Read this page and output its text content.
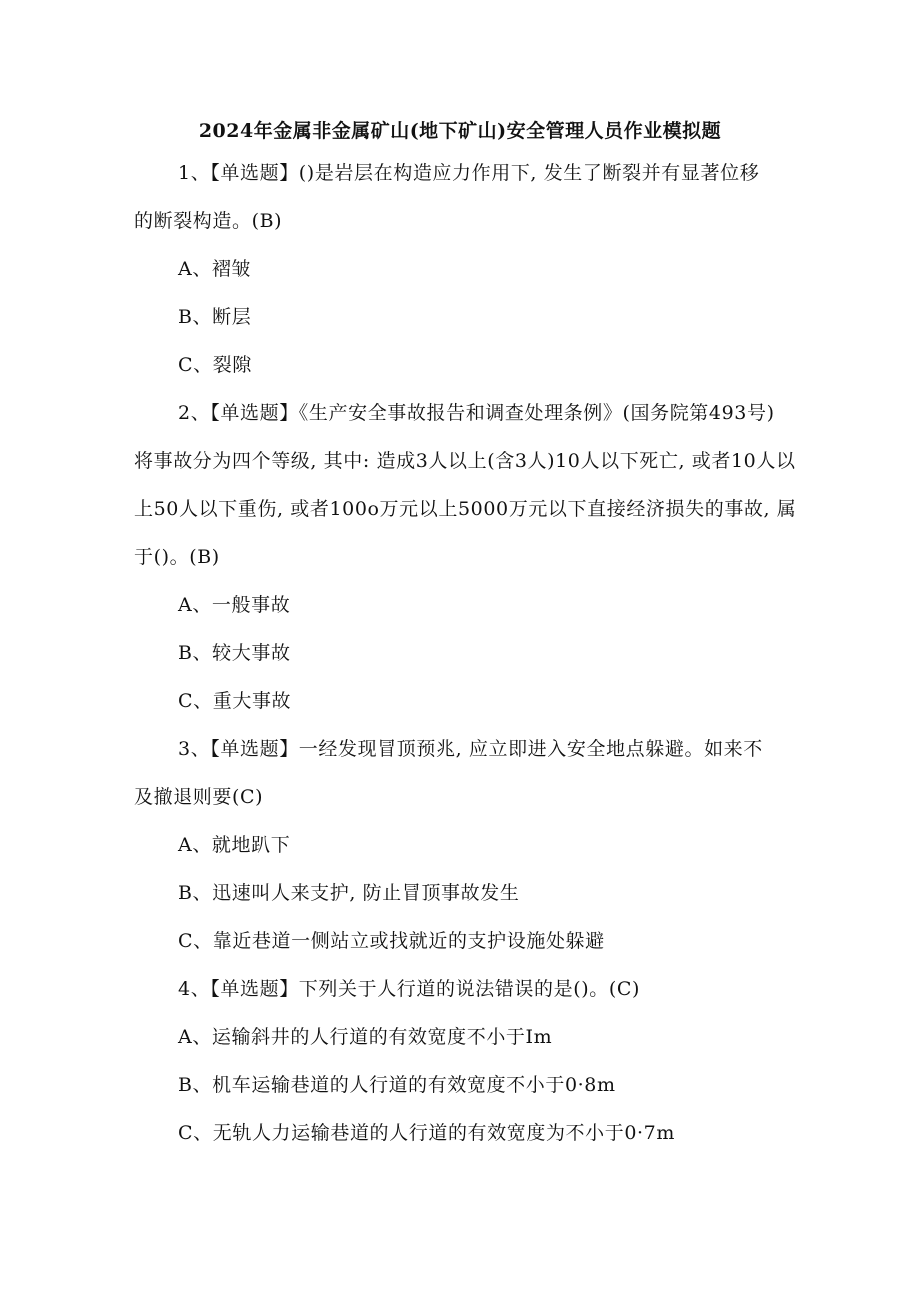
2024年金属非金属矿山(地下矿山)安全管理人员作业模拟题
1、【单选题】()是岩层在构造应力作用下, 发生了断裂并有显著位移
的断裂构造。(B)
A、褶皱
B、断层
C、裂隙
2、【单选题】《生产安全事故报告和调查处理条例》(国务院第493号)
将事故分为四个等级, 其中: 造成3人以上(含3人)10人以下死亡, 或者10人以
上50人以下重伤, 或者100o万元以上5000万元以下直接经济损失的事故, 属
于()。(B)
A、一般事故
B、较大事故
C、重大事故
3、【单选题】一经发现冒顶预兆, 应立即进入安全地点躲避。如来不
及撤退则要(C)
A、就地趴下
B、迅速叫人来支护, 防止冒顶事故发生
C、靠近巷道一侧站立或找就近的支护设施处躲避
4、【单选题】下列关于人行道的说法错误的是()。(C)
A、运输斜井的人行道的有效宽度不小于Im
B、机车运输巷道的人行道的有效宽度不小于0·8m
C、无轨人力运输巷道的人行道的有效宽度为不小于0·7m
